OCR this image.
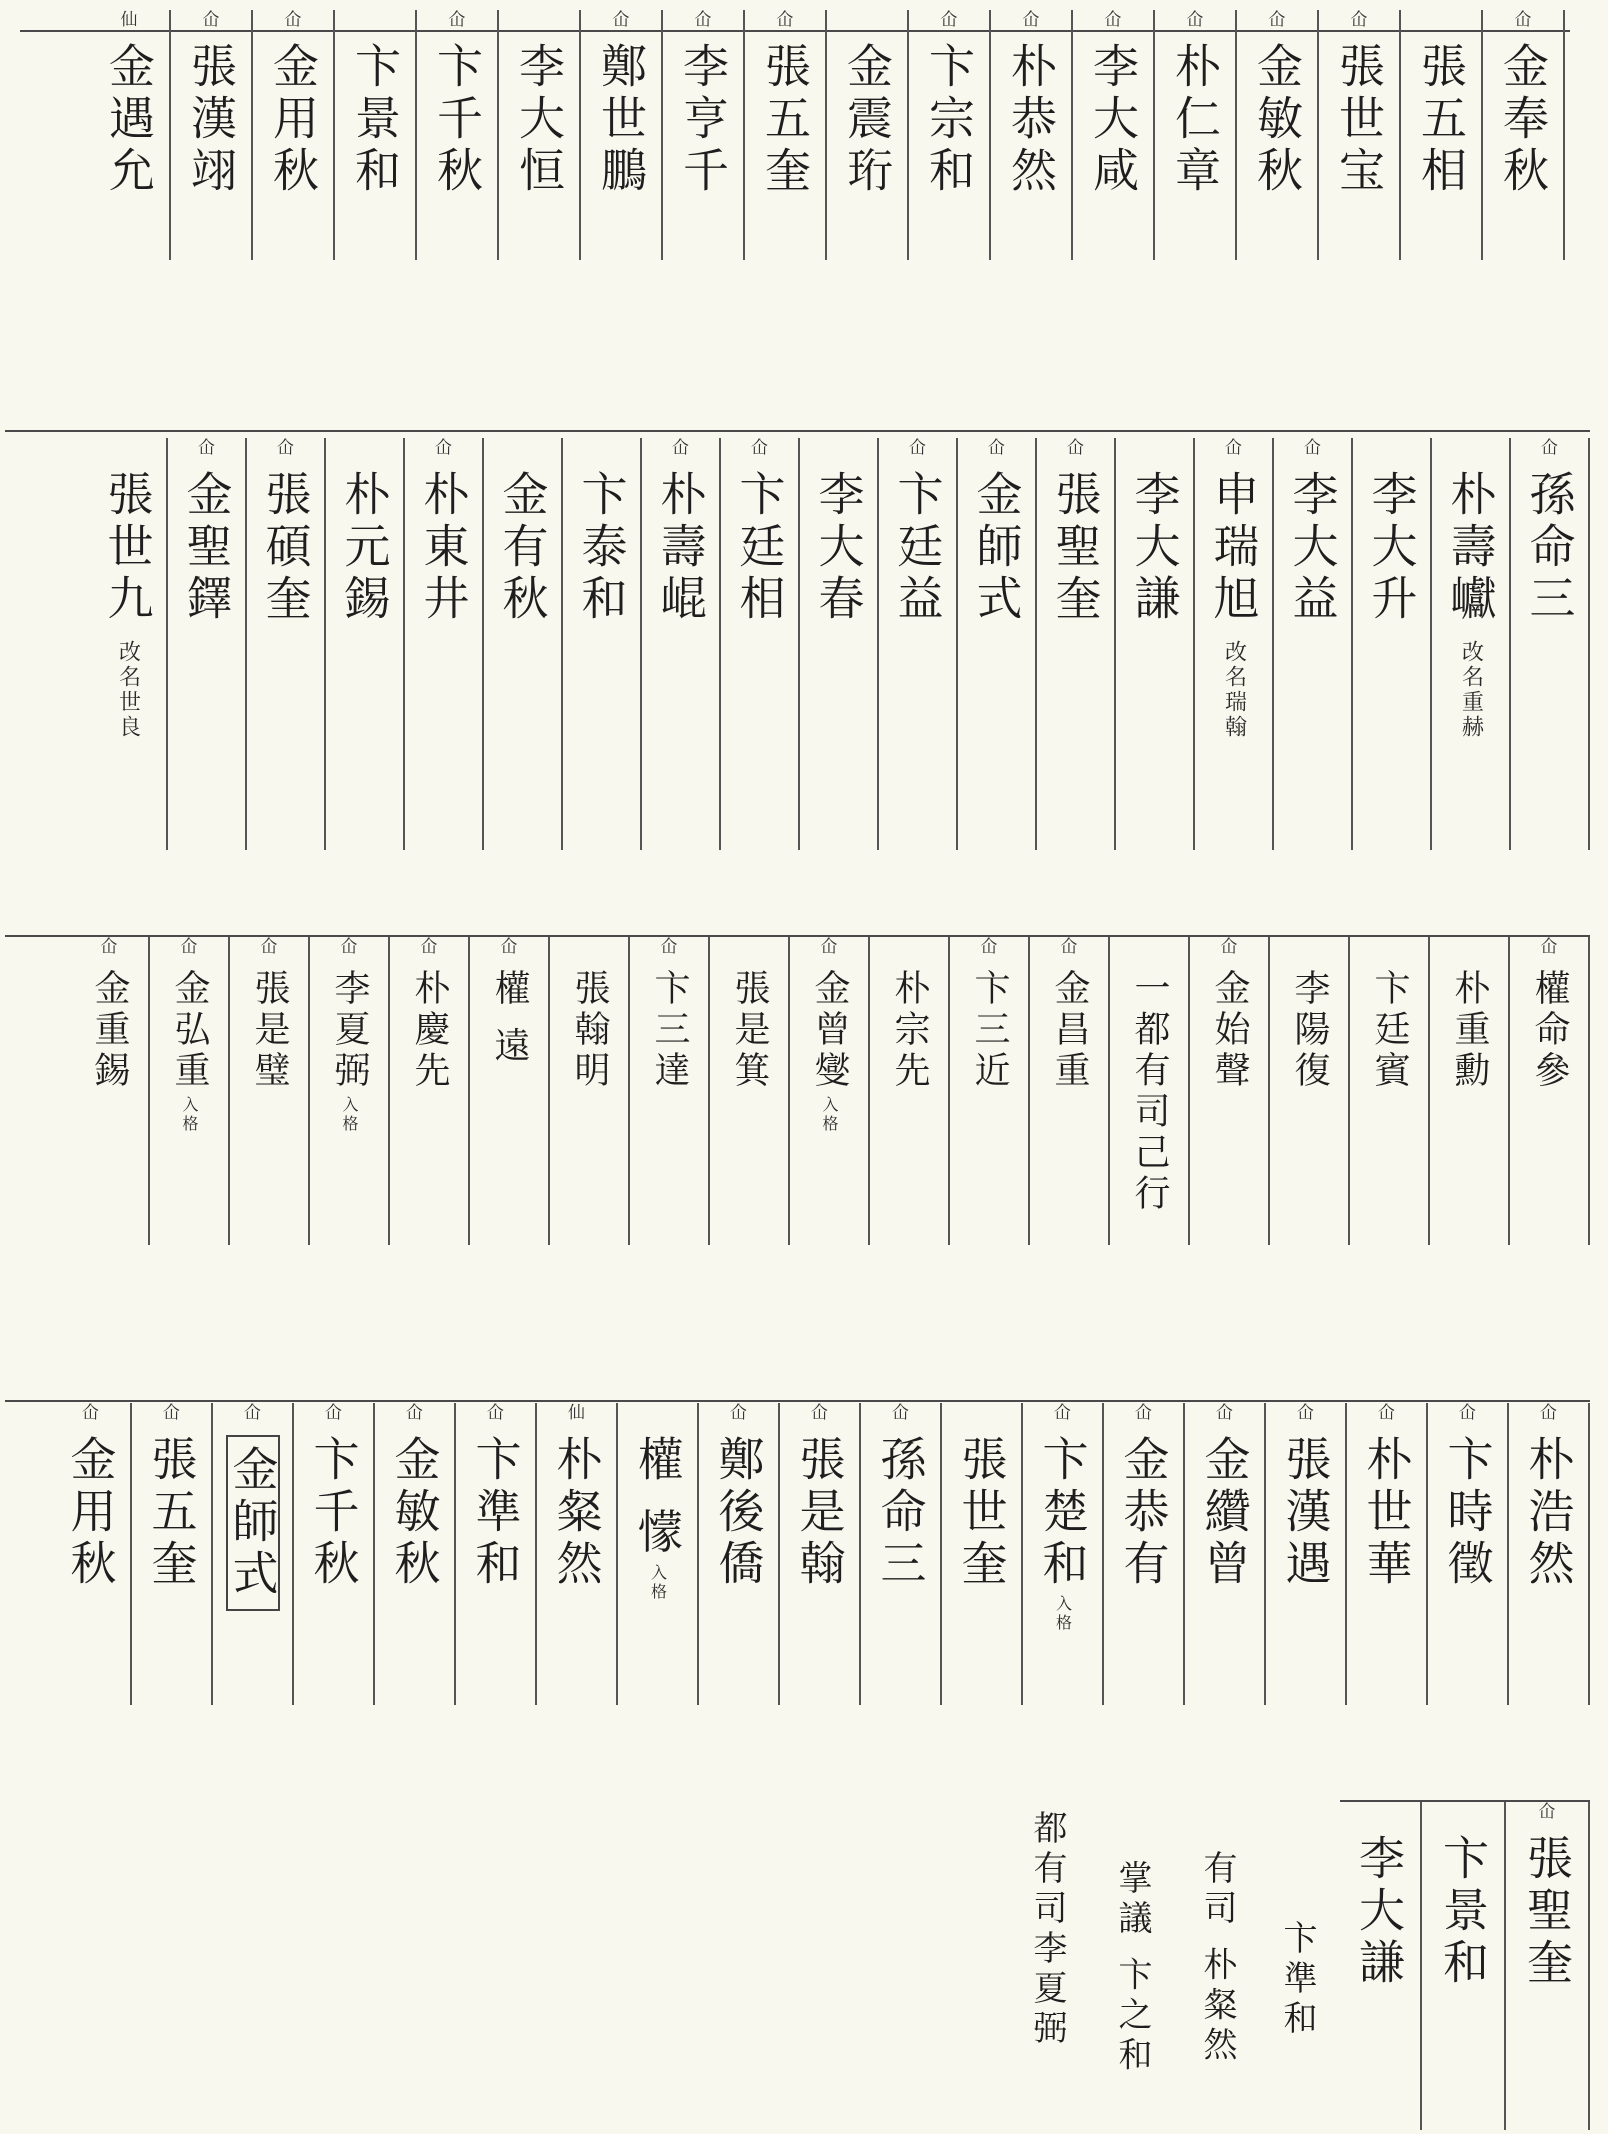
仚
金奉秋
張五相
仚
張世宝
仚
金敏秋
仚
朴仁章
仚
李大咸
仚
朴恭然
仚
卞宗和
金震珩
仚
張五奎
仚
李亨千
仚
鄭世鵬
李大恒
仚
卞千秋
卞景和
仚
金用秋
仚
張漢翊
仙
金遇允
仚
孫命三
朴壽巘
改名重赫
李大升
仚
李大益
仚
申瑞旭
改名瑞翰
李大謙
仚
張聖奎
仚
金師式
仚
卞廷益
李大春
仚
卞廷相
仚
朴壽崐
卞泰和
金有秋
仚
朴東井
朴元錫
仚
張碩奎
仚
金聖鐸
張世九
改名世良
仚
權命參
朴重勳
卞廷賓
李陽復
仚
金始聲
一都有司己行
仚
金昌重
仚
卞三近
朴宗先
仚
金曾燮
入格
張是箕
仚
卞三達
張翰明
仚
權 遠
仚
朴慶先
仚
李夏弼
入格
仚
張是璧
仚
金弘重
入格
仚
金重錫
仚
朴浩然
仚
卞時徵
仚
朴世華
仚
張漢遇
仚
金纘曾
仚
金恭有
仚
卞楚和
入格
張世奎
仚
孫命三
仚
張是翰
仚
鄭後僑
權 懞
入格
仙
朴粲然
仚
卞準和
仚
金敏秋
仚
卞千秋
仚
金師式
仚
張五奎
仚
金用秋
仚
張聖奎
卞景和
李大謙
卞準和
有司 朴粲然
掌議 卞之和
都有司李夏弼
